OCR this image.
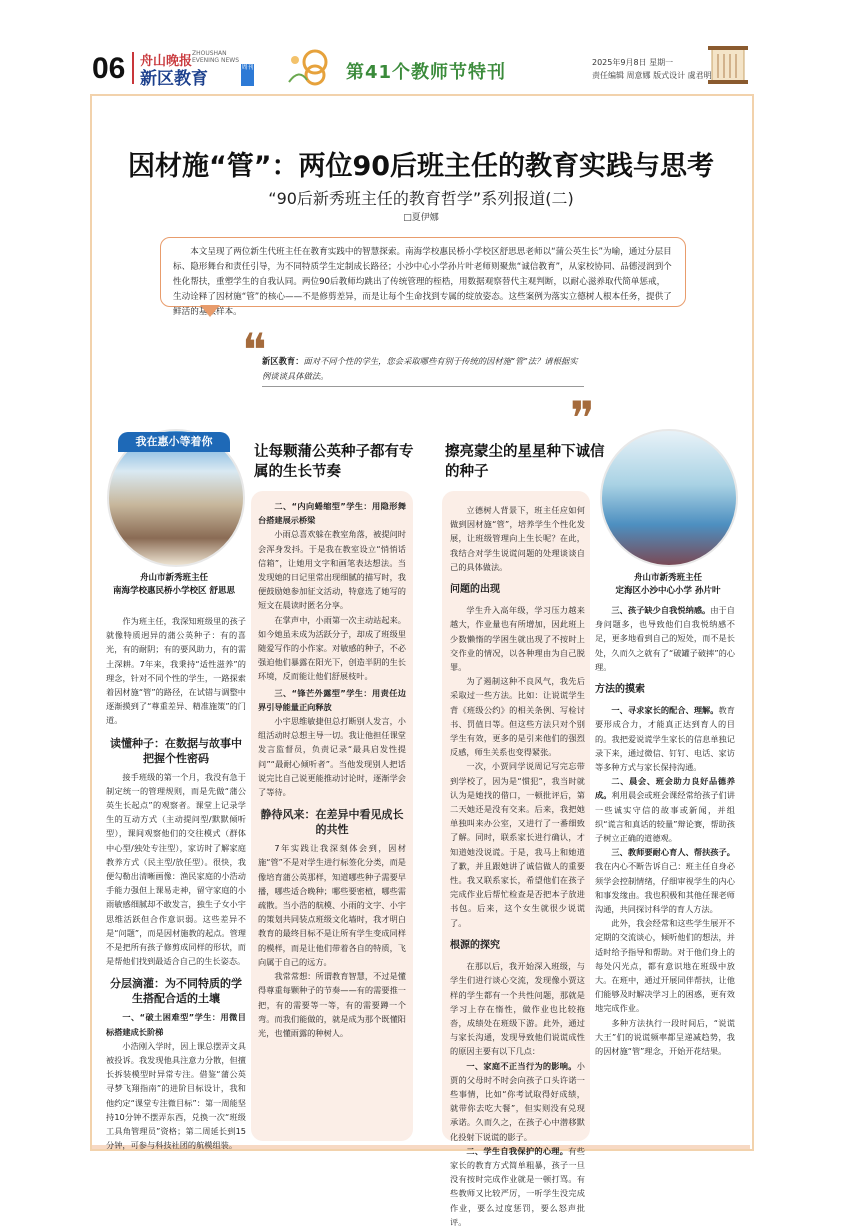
06 舟山晚报
ZHOUSHAN EVENING NEWS
新区教育
周刊	第41个教师节特刊	2025年9月8日 星期一
责任编辑 周意娜 版式设计 虞君明
因材施“管”：两位90后班主任的教育实践与思考
“90后新秀班主任的教育哲学”系列报道(二)
□夏伊娜
本文呈现了两位新生代班主任在教育实践中的智慧探索。南海学校惠民桥小学校区舒思思老师以“蒲公英生长”为喻，通过分层目标、隐形舞台和责任引导，为不同特质学生定制成长路径；小沙中心小学孙片叶老师则聚焦“诚信教育”，从家校协同、品德浸润到个性化帮扶，重塑学生的自我认同。两位90后教师均跳出了传统管理的桎梏，用数据观察替代主观判断，以耐心滋养取代简单惩戒，生动诠释了因材施“管”的核心——不是修剪差异，而是让每个生命找到专属的绽放姿态。这些案例为落实立德树人根本任务，提供了鲜活的基层样本。
❝
新区教育：面对不同个性的学生，您会采取哪些有别于传统的因材施“管”法？请根据实例谈谈具体做法。
❞
我在惠小等着你
舟山市新秀班主任
南海学校惠民桥小学校区 舒思思
舟山市新秀班主任
定海区小沙中心小学 孙片叶
让每颗蒲公英种子都有专属的生长节奏
擦亮蒙尘的星星种下诚信的种子

作为班主任，我深知班级里的孩子就像特质迥异的蒲公英种子：有的喜光，有的耐阴；有的要风助力，有的需土深耕。7年来，我秉持“适性滋养”的理念，针对不同个性的学生，一路探索着因材施“管”的路径，在试错与调整中逐渐摸到了“尊重差异、精准施策”的门道。

读懂种子：在数据与故事中把握个性密码

接手班级的第一个月，我没有急于制定统一的管理规则，而是先做“蒲公英生长起点”的观察者。课堂上记录学生的互动方式（主动提问型/默默倾听型），课间观察他们的交往模式（群体中心型/独处专注型），家访时了解家庭教养方式（民主型/放任型）。很快，我便勾勒出清晰画像：渔民家庭的小浩动手能力强但上课易走神，留守家庭的小雨敏感细腻却不敢发言，独生子女小宇思维活跃但合作意识弱。这些差异不是“问题”，而是因材施教的起点。管理不是把所有孩子修剪成同样的形状，而是帮他们找到最适合自己的生长姿态。

分层滴灌：为不同特质的学生搭配合适的土壤
一、“破土困难型”学生：用微目标搭建成长阶梯

小浩刚入学时，因上课总摆弄文具被投诉。我发现他具注意力分散，但擅长拆装模型时异常专注。借鉴“蒲公英寻梦飞翔指南”的进阶目标设计，我和他约定“课堂专注微目标”：第一周能坚持10分钟不摆弄东西，兑换一次“班级工具角管理员”资格；第二周延长到15分钟，可参与科技社团的航模组装。

二、“内向蜷缩型”学生：用隐形舞台搭建展示桥梁

小雨总喜欢躲在教室角落，被提问时会浑身发抖。于是我在教室设立“悄悄话信箱”，让她用文字和画笔表达想法。当发现她的日记里常出现细腻的描写时，我便鼓励她参加征文活动，特意选了她写的短文在晨读时匿名分享。

在掌声中，小雨第一次主动站起来。如今她虽未成为活跃分子，却成了班级里随爱写作的小作家。对敏感的种子，不必强迫他们暴露在阳光下，创造半阴的生长环境，反而能让他们舒展枝叶。

三、“锋芒外露型”学生：用责任边界引导能量正向释放

小宇思维敏捷但总打断别人发言，小组活动时总想主导一切。我让他担任课堂发言监督员，负责记录“最具启发性提问”“最耐心倾听者”。当他发现别人把话说完比自己说更能推动讨论时，逐渐学会了等待。

静待风来：在差异中看见成长的共性

7年实践让我深刻体会到，因材施“管”不是对学生进行标签化分类，而是像培育蒲公英那样，知道哪些种子需要早播，哪些适合晚种；哪些要密植，哪些需疏散。当小浩的航模、小雨的文字、小宇的策划共同装点班级文化墙时，我才明白教育的最终目标不是让所有学生变成同样的模样，而是让他们带着各自的特质，飞向属于自己的远方。

我常常想：所谓教育智慧，不过是懂得尊重每颗种子的节奏——有的需要推一把，有的需要等一等，有的需要蹲一个弯。而我们能做的，就是成为那个既懂阳光，也懂雨露的种树人。

立德树人背景下，班主任应如何做到因材施“管”，培养学生个性化发展，让班级管理向上生长呢？在此，我结合对学生说谎问题的处理谈谈自己的具体做法。

问题的出现

学生升入高年级，学习压力越来越大，作业量也有所增加，因此班上少数懒惰的学困生就出现了不按时上交作业的情况，以各种理由为自己脱罪。

为了遏制这种不良风气，我先后采取过一些方法。比如：让说谎学生背《班级公约》的相关条例、写检讨书、罚值日等。但这些方法只对个别学生有效，更多的是引来他们的强烈反感，师生关系也变得紧张。

一次，小贾同学说周记写完忘带到学校了，因为是“惯犯”，我当时就认为是她找的借口，一顿批评后，第二天她还是没有交来。后来，我把她单独叫来办公室，又进行了一番细致了解。同时，联系家长进行确认，才知道她没说谎。于是，我马上和她道了歉，并且跟她讲了诚信做人的重要性。我又联系家长，希望他们在孩子完成作业后帮忙检查是否把本子放进书包。后来，这个女生就很少说谎了。

根源的探究

在那以后，我开始深入班级，与学生们进行谈心交流，发现像小贾这样的学生都有一个共性问题，那就是学习上存在惰性，做作业也比较拖沓，成绩处在班级下游。此外，通过与家长沟通，发现导致他们说谎成性的原因主要有以下几点：

一、家庭不正当行为的影响。小贾的父母时不时会向孩子口头许诺一些事情，比如“你考试取得好成绩，就带你去吃大餐”，但实则没有兑现承诺。久而久之，在孩子心中潜移默化投射下说谎的影子。

二、学生自我保护的心理。有些家长的教育方式简单粗暴，孩子一旦没有按时完成作业就是一顿打骂。有些教师又比较严厉，一听学生没完成作业，要么过度惩罚，要么怒声批评。

三、孩子缺少自我悦纳感。由于自身问题多，也导致他们自我悦纳感不足，更多地看到自己的短处，而不是长处，久而久之就有了“破罐子破摔”的心理。

方法的摸索

一、寻求家长的配合、理解。教育要形成合力，才能真正达到育人的目的。我把爱说谎学生家长的信息单独记录下来，通过微信、钉钉、电话、家访等多种方式与家长保持沟通。

二、晨会、班会助力良好品德养成。利用晨会或班会课经常给孩子们讲一些诚实守信的故事或新闻，并组织“谎言和真话的较量”辩论赛，帮助孩子树立正确的道德观。

三、教师要耐心育人、帮扶孩子。我在内心不断告诉自己：班主任自身必须学会控制情绪，仔细审视学生的内心和事发缘由。我也积极和其他任课老师沟通，共同探讨科学的育人方法。

此外，我会经常和这些学生展开不定期的交流谈心，倾听他们的想法，并适时给予指导和帮助。对于他们身上的每处闪光点，都有意识地在班级中放大。在班中，通过开展同伴帮扶，让他们能够及时解决学习上的困惑，更有效地完成作业。

多种方法执行一段时间后，“说谎大王”们的说谎频率都呈递减趋势，我的因材施“管”理念，开始开花结果。
